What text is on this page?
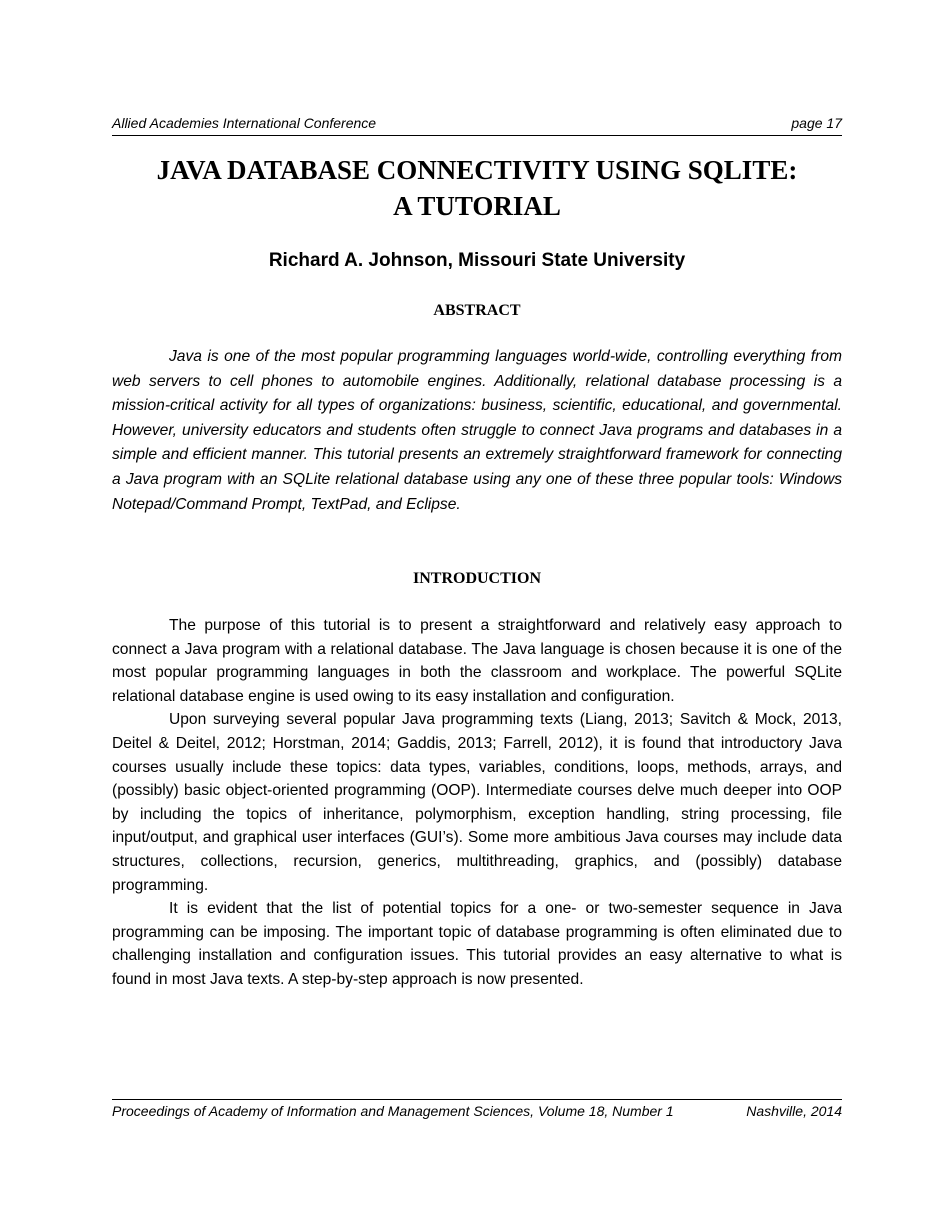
Allied Academies International Conference	page 17
JAVA DATABASE CONNECTIVITY USING SQLITE:
A TUTORIAL
Richard A. Johnson, Missouri State University
ABSTRACT

Java is one of the most popular programming languages world-wide, controlling everything from web servers to cell phones to automobile engines. Additionally, relational database processing is a mission-critical activity for all types of organizations: business, scientific, educational, and governmental. However, university educators and students often struggle to connect Java programs and databases in a simple and efficient manner. This tutorial presents an extremely straightforward framework for connecting a Java program with an SQLite relational database using any one of these three popular tools: Windows Notepad/Command Prompt, TextPad, and Eclipse.

INTRODUCTION

The purpose of this tutorial is to present a straightforward and relatively easy approach to connect a Java program with a relational database. The Java language is chosen because it is one of the most popular programming languages in both the classroom and workplace. The powerful SQLite relational database engine is used owing to its easy installation and configuration.

Upon surveying several popular Java programming texts (Liang, 2013; Savitch & Mock, 2013, Deitel & Deitel, 2012; Horstman, 2014; Gaddis, 2013; Farrell, 2012), it is found that introductory Java courses usually include these topics: data types, variables, conditions, loops, methods, arrays, and (possibly) basic object-oriented programming (OOP). Intermediate courses delve much deeper into OOP by including the topics of inheritance, polymorphism, exception handling, string processing, file input/output, and graphical user interfaces (GUI’s). Some more ambitious Java courses may include data structures, collections, recursion, generics, multithreading, graphics, and (possibly) database programming.

It is evident that the list of potential topics for a one- or two-semester sequence in Java programming can be imposing. The important topic of database programming is often eliminated due to challenging installation and configuration issues. This tutorial provides an easy alternative to what is found in most Java texts. A step-by-step approach is now presented.

Proceedings of Academy of Information and Management Sciences, Volume 18, Number 1	Nashville, 2014
